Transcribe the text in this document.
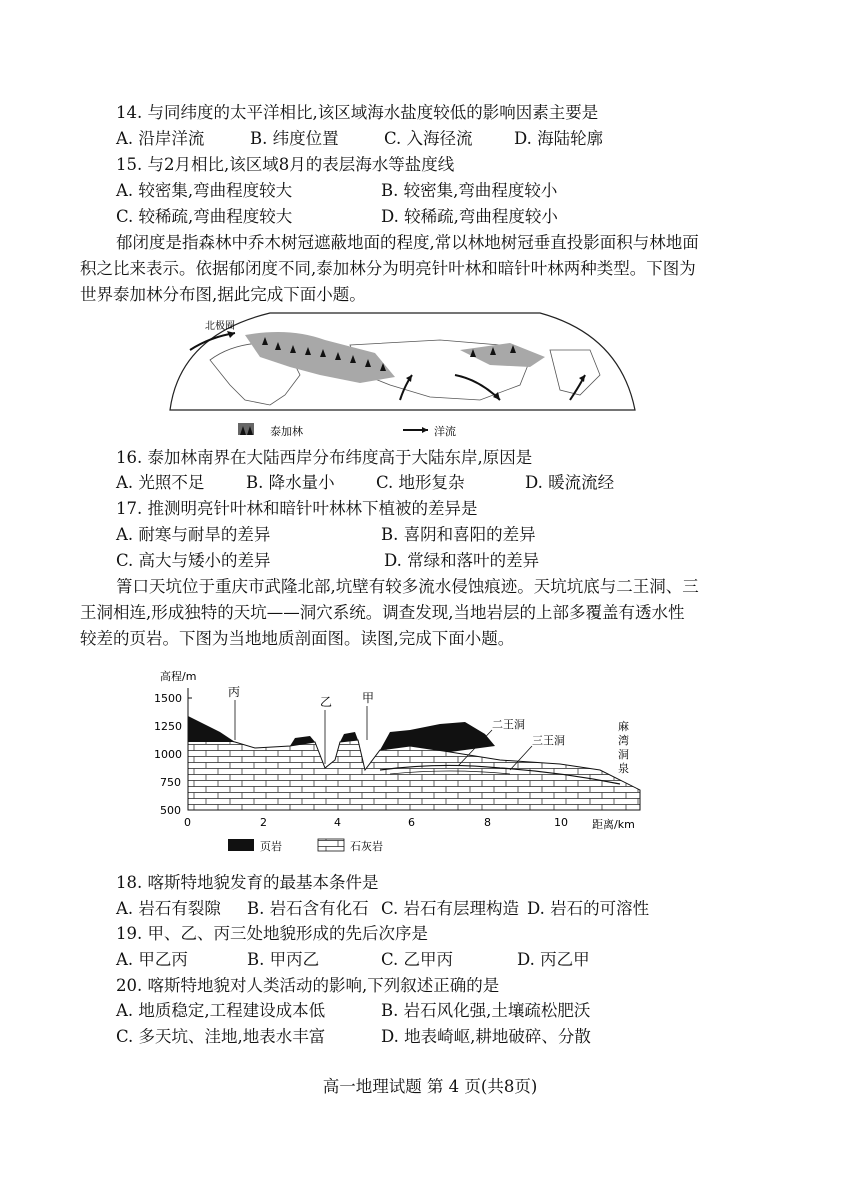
14. 与同纬度的太平洋相比,该区域海水盐度较低的影响因素主要是
A. 沿岸洋流	B. 纬度位置	C. 入海径流	D. 海陆轮廓
15. 与2月相比,该区域8月的表层海水等盐度线
A. 较密集,弯曲程度较大	B. 较密集,弯曲程度较小
C. 较稀疏,弯曲程度较大	D. 较稀疏,弯曲程度较小
郁闭度是指森林中乔木树冠遮蔽地面的程度,常以林地树冠垂直投影面积与林地面
积之比来表示。依据郁闭度不同,泰加林分为明亮针叶林和暗针叶林两种类型。下图为
世界泰加林分布图,据此完成下面小题。
北极圈
泰加林	洋流
16. 泰加林南界在大陆西岸分布纬度高于大陆东岸,原因是
A. 光照不足	B. 降水量小	C. 地形复杂	D. 暖流流经
17. 推测明亮针叶林和暗针叶林林下植被的差异是
A. 耐寒与耐旱的差异	B. 喜阴和喜阳的差异
C. 高大与矮小的差异	D. 常绿和落叶的差异
箐口天坑位于重庆市武隆北部,坑壁有较多流水侵蚀痕迹。天坑坑底与二王洞、三
王洞相连,形成独特的天坑——洞穴系统。调查发现,当地岩层的上部多覆盖有透水性
较差的页岩。下图为当地地质剖面图。读图,完成下面小题。
高程/m
1500
1250
1000
750
500
丙
乙 甲
二王洞
三王洞
麻
湾
洞
泉
0	2	4	6	8	10 距离/km
页岩	石灰岩
18. 喀斯特地貌发育的最基本条件是
A. 岩石有裂隙 B. 岩石含有化石 C. 岩石有层理构造 D. 岩石的可溶性
19. 甲、乙、丙三处地貌形成的先后次序是
A. 甲乙丙	B. 甲丙乙	C. 乙甲丙	D. 丙乙甲
20. 喀斯特地貌对人类活动的影响,下列叙述正确的是
A. 地质稳定,工程建设成本低	B. 岩石风化强,土壤疏松肥沃
C. 多天坑、洼地,地表水丰富	D. 地表崎岖,耕地破碎、分散
高一地理试题 第 4 页(共8页)
